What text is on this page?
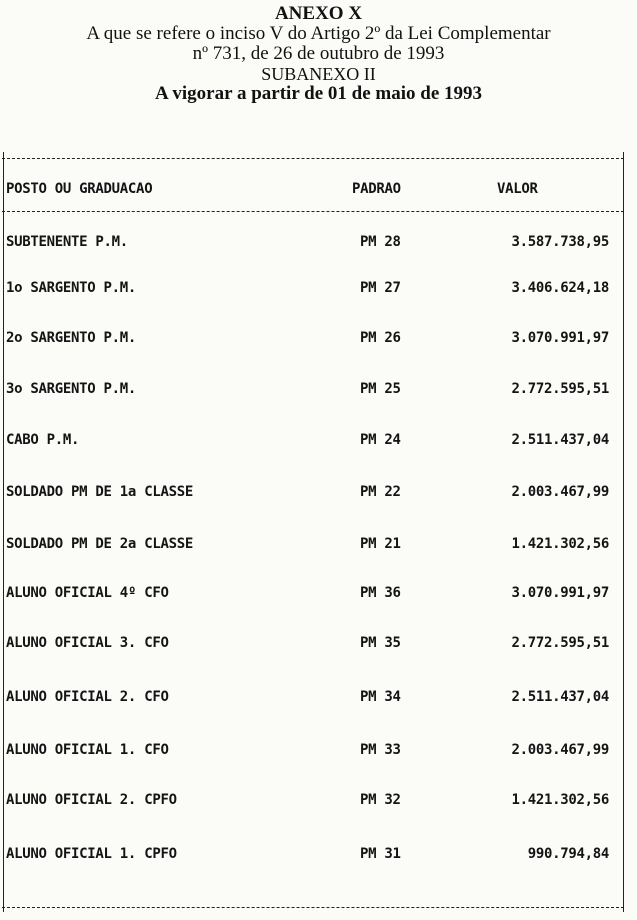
ANEXO X
A que se refere o inciso V do Artigo 2º da Lei Complementar
nº 731, de 26 de outubro de 1993
SUBANEXO II
A vigorar a partir de 01 de maio de 1993
POSTO OU GRADUACAO	PADRAO	VALOR
SUBTENENTE P.M.	PM 28	3.587.738,95
1o SARGENTO P.M.	PM 27	3.406.624,18
2o SARGENTO P.M.	PM 26	3.070.991,97
3o SARGENTO P.M.	PM 25	2.772.595,51
CABO P.M.	PM 24	2.511.437,04
SOLDADO PM DE 1a CLASSE	PM 22	2.003.467,99
SOLDADO PM DE 2a CLASSE	PM 21	1.421.302,56
ALUNO OFICIAL 4º CFO	PM 36	3.070.991,97
ALUNO OFICIAL 3. CFO	PM 35	2.772.595,51
ALUNO OFICIAL 2. CFO	PM 34	2.511.437,04
ALUNO OFICIAL 1. CFO	PM 33	2.003.467,99
ALUNO OFICIAL 2. CPFO	PM 32	1.421.302,56
ALUNO OFICIAL 1. CPFO	PM 31	990.794,84
